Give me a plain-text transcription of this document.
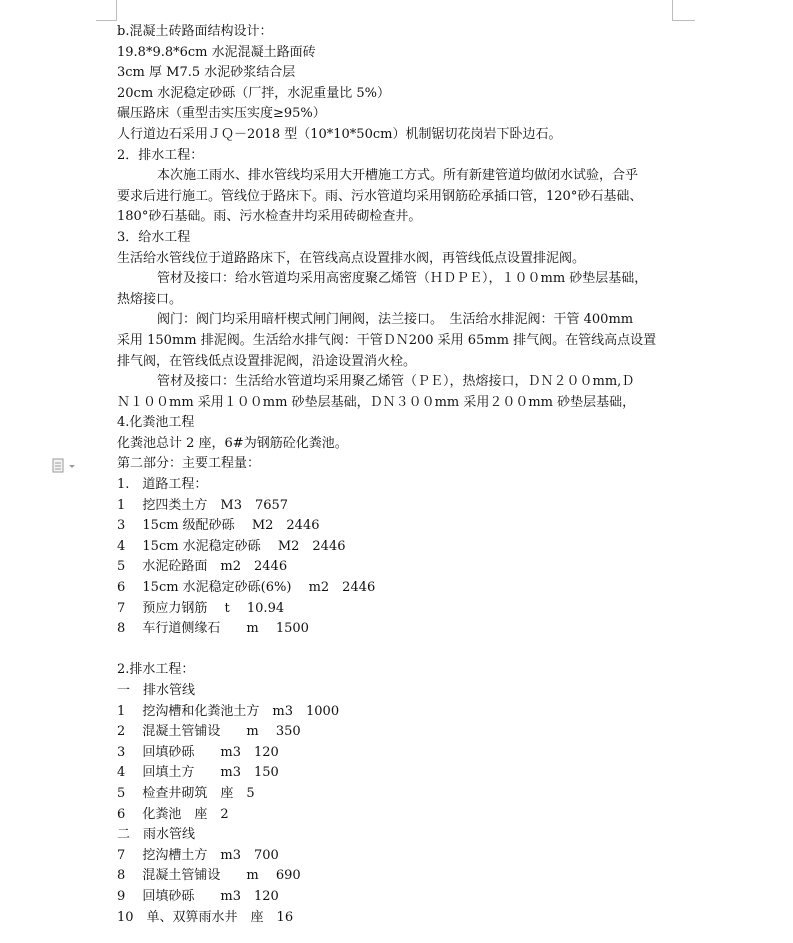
b.混凝土砖路面结构设计：
19.8*9.8*6cm 水泥混凝土路面砖
3cm 厚 M7.5 水泥砂浆结合层
20cm 水泥稳定砂砾（厂拌，水泥重量比 5%）
碾压路床（重型击实压实度≥95%）
人行道边石采用ＪＱ－2018 型（10*10*50cm）机制锯切花岗岩下卧边石。
2．排水工程：
本次施工雨水、排水管线均采用大开槽施工方式。所有新建管道均做闭水试验，合乎
要求后进行施工。管线位于路床下。雨、污水管道均采用钢筋砼承插口管，120°砂石基础、
180°砂石基础。雨、污水检查井均采用砖砌检查井。
3．给水工程
生活给水管线位于道路路床下，在管线高点设置排水阀，再管线低点设置排泥阀。
管材及接口：给水管道均采用高密度聚乙烯管（ＨＤＰＥ），１００mm 砂垫层基础，
热熔接口。
阀门：阀门均采用暗杆楔式闸门闸阀，法兰接口。　生活给水排泥阀：干管 400mm
采用 150mm 排泥阀。生活给水排气阀：干管ＤＮ200 采用 65mm 排气阀。在管线高点设置
排气阀，在管线低点设置排泥阀，沿途设置消火栓。
管材及接口：生活给水管道均采用聚乙烯管（ＰＥ），热熔接口，ＤＮ２００mm,Ｄ
Ｎ１００mm 采用１００mm 砂垫层基础，ＤＮ３００mm 采用２００mm 砂垫层基础，
4.化粪池工程
化粪池总计 2 座，6#为钢筋砼化粪池。
第二部分：主要工程量：
1.　道路工程：
1　 挖四类土方　M3　7657
3　 15cm 级配砂砾　 M2　2446
4　 15cm 水泥稳定砂砾　 M2　2446
5　 水泥砼路面　m2　2446
6　 15cm 水泥稳定砂砾(6%)　 m2　2446
7　 预应力钢筋　 t　 10.94
8　 车行道侧缘石　　m　 1500
2.排水工程：
一　排水管线
1　 挖沟槽和化粪池土方　m3　1000
2　 混凝土管铺设　　m　 350
3　 回填砂砾　　m3　120
4　 回填土方　　m3　150
5　 检查井砌筑　座　5
6　 化粪池　座　2
二　雨水管线
7　 挖沟槽土方　m3　700
8　 混凝土管铺设　　m　 690
9　 回填砂砾　　m3　120
10　单、双箅雨水井　座　16
